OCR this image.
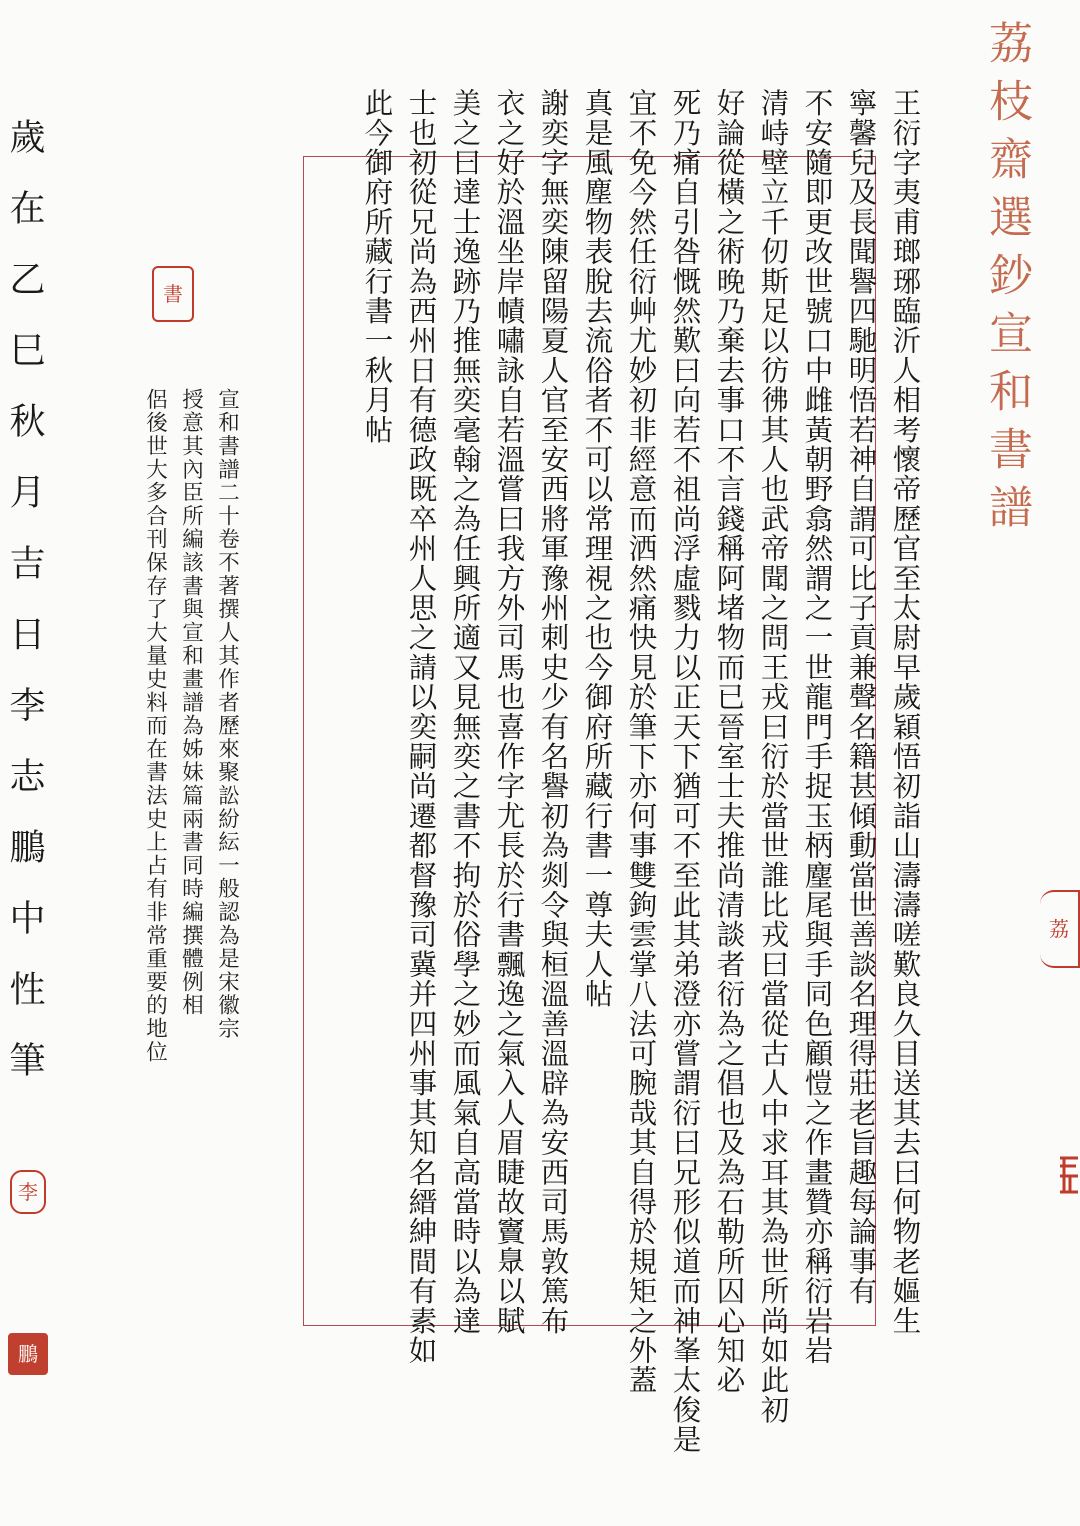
荔枝齋選鈔宣和書譜
王衍字夷甫瑯琊臨沂人相考懷帝歷官至太尉早歲穎悟初詣山濤濤嗟歎良久目送其去曰何物老嫗生
寧馨兒及長聞譽四馳明悟若神自謂可比子貢兼聲名籍甚傾動當世善談名理得莊老旨趣每論事有
不安隨即更改世號口中雌黃朝野翕然謂之一世龍門手捉玉柄麈尾與手同色顧愷之作畫贊亦稱衍岩岩
清峙壁立千仞斯足以彷彿其人也武帝聞之問王戎曰衍於當世誰比戎曰當從古人中求耳其為世所尚如此初
好論從橫之術晚乃棄去事口不言錢稱阿堵物而已晉室士夫推尚清談者衍為之倡也及為石勒所囚心知必
死乃痛自引咎慨然歎曰向若不祖尚浮虛戮力以正天下猶可不至此其弟澄亦嘗謂衍曰兄形似道而神峯太俊是
宜不免今然任衍艸尤妙初非經意而洒然痛快見於筆下亦何事雙鉤雲掌八法可腕哉其自得於規矩之外蓋
真是風塵物表脫去流俗者不可以常理視之也今御府所藏行書一尊夫人帖
謝奕字無奕陳留陽夏人官至安西將軍豫州刺史少有名譽初為剡令與桓溫善溫辟為安西司馬敦篤布
衣之好於溫坐岸幘嘯詠自若溫嘗曰我方外司馬也喜作字尤長於行書飄逸之氣入人眉睫故竇臮以賦
美之曰達士逸跡乃推無奕毫翰之為任興所適又見無奕之書不拘於俗學之妙而風氣自高當時以為達
士也初從兄尚為西州日有德政既卒州人思之請以奕嗣尚遷都督豫司冀并四州事其知名縉紳間有素如
此今御府所藏行書一秋月帖
宣和書譜二十卷不著撰人其作者歷來聚訟紛紜一般認為是宋徽宗
授意其內臣所編該書與宣和畫譜為姊妹篇兩書同時編撰體例相
侶後世大多合刊保存了大量史料而在書法史上占有非常重要的地位
歲在乙巳秋月吉日李志鵬中性筆	書
荔
李
鵬
